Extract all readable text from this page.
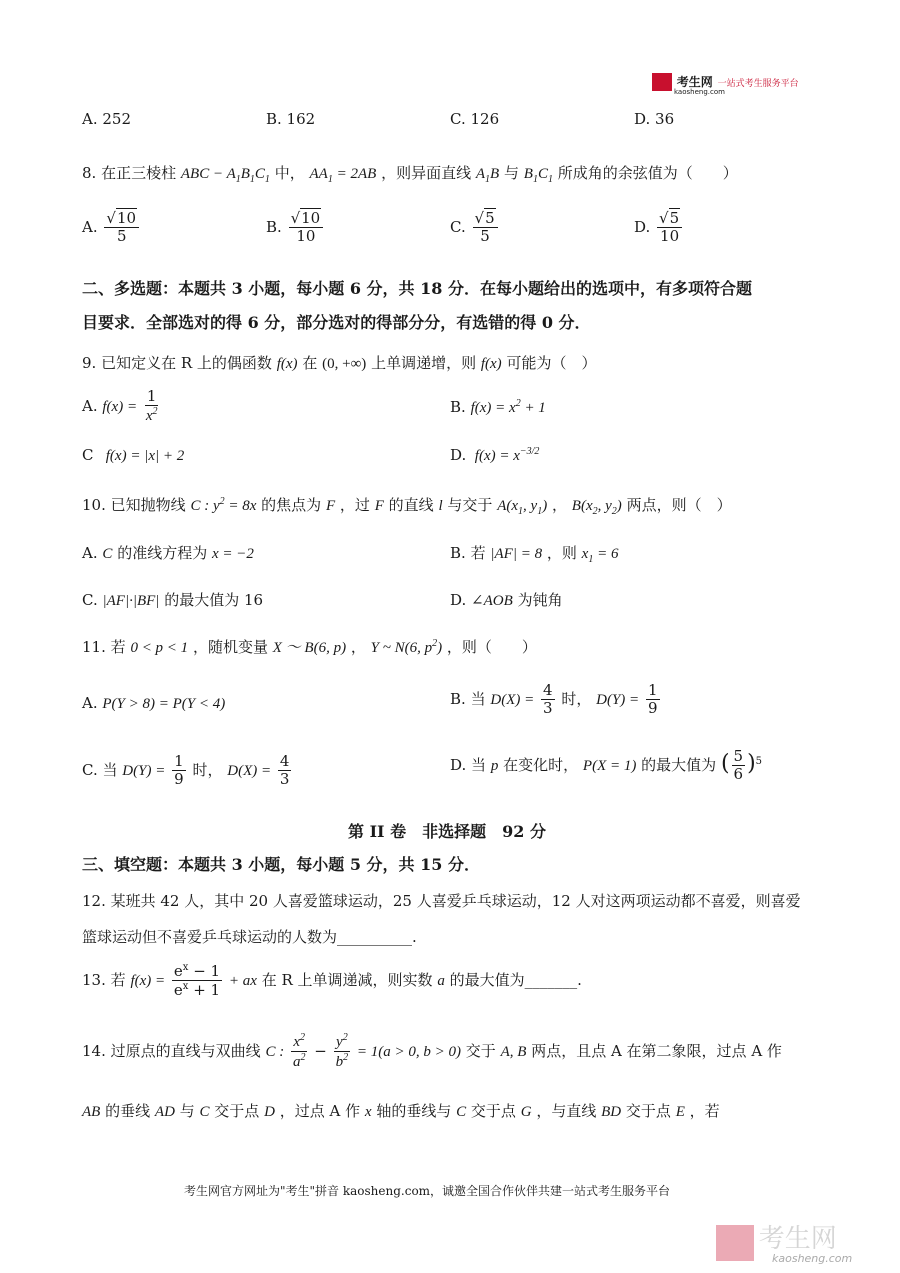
考生网 一站式考生服务平台
kaosheng.com
A. 252	B. 162	C. 126	D. 36
8. 在正三棱柱 ABC − $A_1B_1C_1$ 中， $AA_1 = 2AB$ ，则异面直线 $A_1B$ 与 $B_1C_1$ 所成角的余弦值为（　　）
A. $\frac{√10}{5}$	B. $\frac{√10}{10}$	C. $\frac{√5}{5}$	D. $\frac{√5}{10}$
二、多选题：本题共 3 小题，每小题 6 分，共 18 分．在每小题给出的选项中，有多项符合题
目要求．全部选对的得 6 分，部分选对的得部分分，有选错的得 0 分．
9. 已知定义在 R 上的偶函数 f(x) 在 (0, +∞) 上单调递增，则 f(x) 可能为（　）
A. $f(x) = \frac{1}{x^2}$	B. $f(x) = x^2 + 1$
C   f(x) = |x| + 2	D.  $f(x) = x^{-3/2}$
10. 已知抛物线 C : $y^2 = 8x$ 的焦点为 F ，过 F 的直线 l 与交于 $A(x_1$, $y_1$) ， $B(x_2$, $y_2$) 两点，则（　）
A. C 的准线方程为 x = −2	B. 若 |AF| = 8 ，则 $x_1 = 6$
C. |AF|·|BF| 的最大值为 16	D. ∠AOB 为钝角
11. 若 0 < p < 1 ，随机变量 X ～ B(6, p) ， Y ~ N(6, $p^2$) ，则（　　）
A. P(Y > 8) = P(Y < 4)	B. 当 $D(X) = \frac{4}{3}$ 时， $D(Y) = \frac{1}{9}$
C. 当 $D(Y) = \frac{1}{9}$ 时， $D(X) = \frac{4}{3}$	D. 当 p 在变化时， P(X = 1) 的最大值为 ( $\frac{5}{6} )^5$
第 II 卷　非选择题　92 分
三、填空题：本题共 3 小题，每小题 5 分，共 15 分．
12. 某班共 42 人，其中 20 人喜爱篮球运动，25 人喜爱乒乓球运动，12 人对这两项运动都不喜爱，则喜爱
篮球运动但不喜爱乒乓球运动的人数为__________.
13. 若 $f(x) = \frac{e^x - 1}{e^x + 1}$ + ax 在 R 上单调递减，则实数 a 的最大值为_______.
14. 过原点的直线与双曲线 C : $\frac{x^2}{a^2} - \frac{y^2}{b^2} = 1(a > 0$, b > 0) 交于 A, B 两点，且点 A 在第二象限，过点 A 作
AB 的垂线 AD 与 C 交于点 D ，过点 A 作 x 轴的垂线与 C 交于点 G ，与直线 BD 交于点 E ，若
考生网官方网址为"考生"拼音 kaosheng.com，诚邀全国合作伙伴共建一站式考生服务平台
考生网
kaosheng.com
